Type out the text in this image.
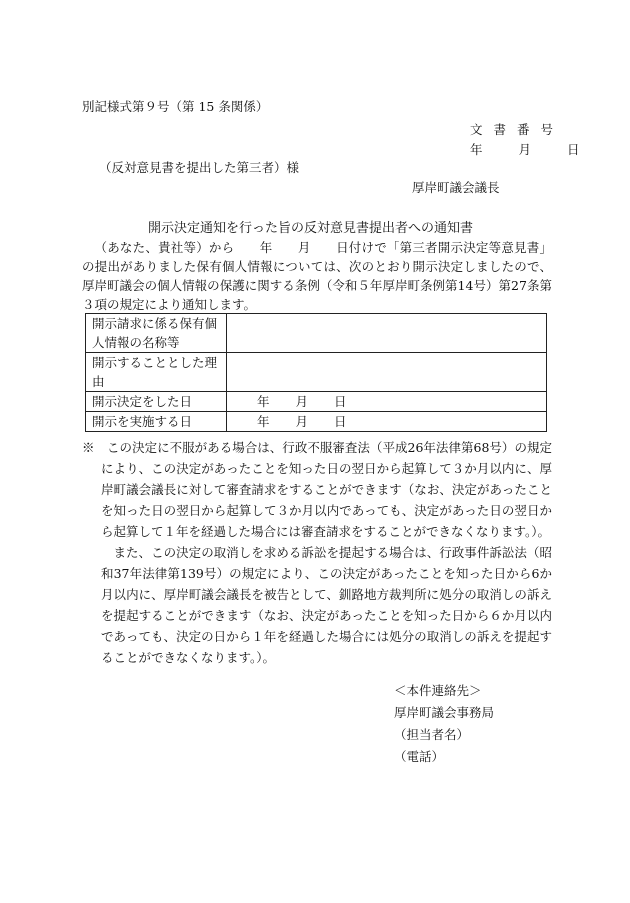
別記様式第９号（第 15 条関係）
文書番号
年	月	日
（反対意見書を提出した第三者）様
厚岸町議会議長
開示決定通知を行った旨の反対意見書提出者への通知書
（あなた、貴社等）から　　年　　月　　日付けで「第三者開示決定等意見書」の提出がありました保有個人情報については、次のとおり開示決定しましたので、厚岸町議会の個人情報の保護に関する条例（令和５年厚岸町条例第14号）第27条第３項の規定により通知します。
開示請求に係る保有個人情報の名称等	
開示することとした理由	
開示決定をした日	年 月 日
開示を実施する日	年 月 日

※　この決定に不服がある場合は、行政不服審査法（平成26年法律第68号）の規定により、この決定があったことを知った日の翌日から起算して３か月以内に、厚岸町議会議長に対して審査請求をすることができます（なお、決定があったことを知った日の翌日から起算して３か月以内であっても、決定があった日の翌日から起算して１年を経過した場合には審査請求をすることができなくなります。）。

また、この決定の取消しを求める訴訟を提起する場合は、行政事件訴訟法（昭和37年法律第139号）の規定により、この決定があったことを知った日から6か月以内に、厚岸町議会議長を被告として、釧路地方裁判所に処分の取消しの訴えを提起することができます（なお、決定があったことを知った日から６か月以内であっても、決定の日から１年を経過した場合には処分の取消しの訴えを提起することができなくなります。）。

＜本件連絡先＞
厚岸町議会事務局
（担当者名）
（電話）
